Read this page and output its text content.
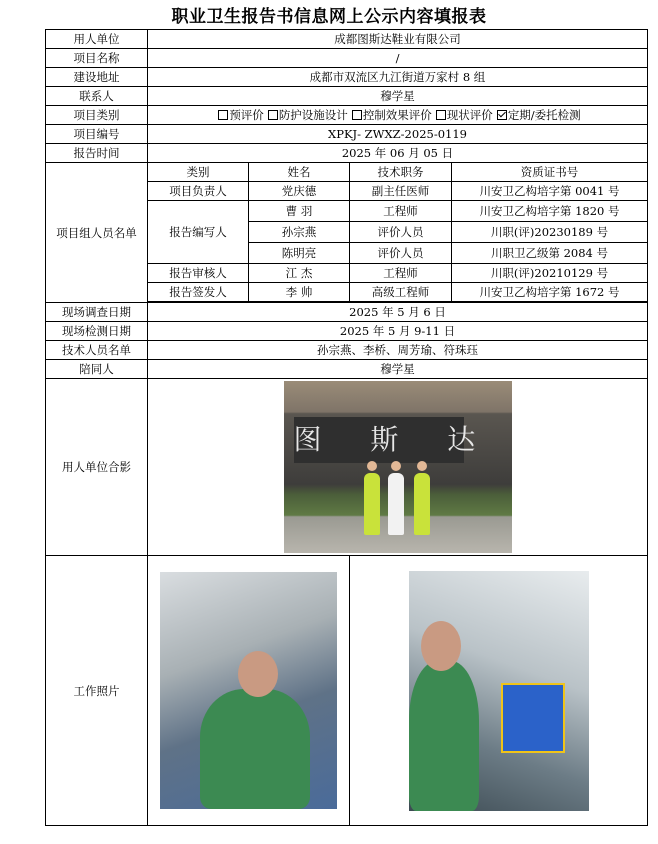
职业卫生报告书信息网上公示内容填报表
用人单位	成都图斯达鞋业有限公司			
项目名称	/			
建设地址	成都市双流区九江街道万家村 8 组			
联系人	穆学星			
项目类别	预评价 防护设施设计 控制效果评价 现状评价 定期/委托检测			
项目编号	XPKJ- ZWXZ-2025-0119			
报告时间	2025 年 06 月 05 日			
项目组人员名单	类别	姓名	技术职务	资质证书号
	项目负责人	党庆德	副主任医师	川安卫乙构培字第 0041 号
	报告编写人	曹 羽	工程师	川安卫乙构培字第 1820 号
		孙宗燕	评价人员	川职(评)20230189 号
		陈明亮	评价人员	川职卫乙级第 2084 号
	报告审核人	江 杰	工程师	川职(评)20210129 号
	报告签发人	李 帅	高级工程师	川安卫乙构培字第 1672 号

现场调查日期	2025 年 5 月 6 日			
现场检测日期	2025 年 5 月 9-11 日			
技术人员名单	孙宗燕、李桥、周芳瑜、符珠珏			
陪同人	穆学星			
用人单位合影	图 斯 达			

工作照片			
